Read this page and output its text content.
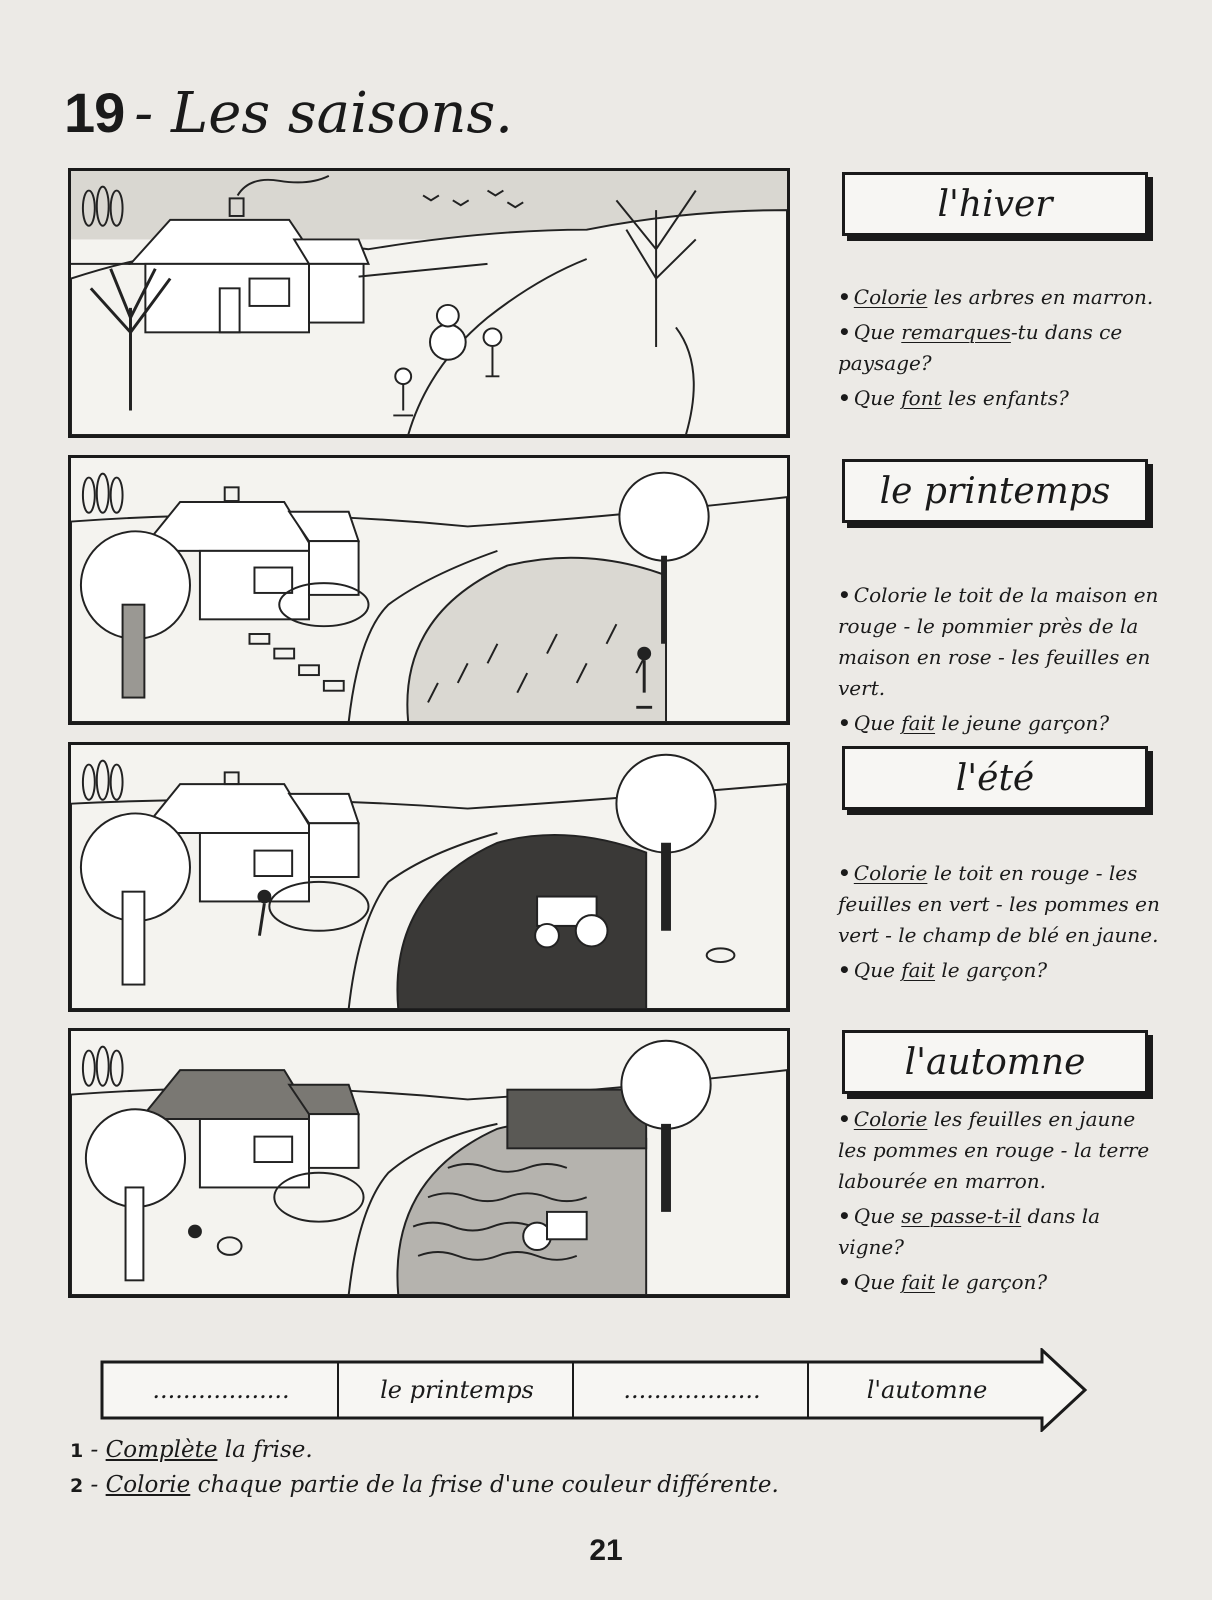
19 - Les saisons.
l'hiver

• Colorie les arbres en marron.

• Que remarques-tu dans ce paysage?

• Que font les enfants?

le printemps

• Colorie le toit de la maison en rouge - le pommier près de la maison en rose - les feuilles en vert.

• Que fait le jeune garçon?

l'été

• Colorie le toit en rouge - les feuilles en vert - les pommes en vert - le champ de blé en jaune.

• Que fait le garçon?

l'automne

• Colorie les feuilles en jaune les pommes en rouge - la terre labourée en marron.

• Que se passe-t-il dans la vigne?

• Que fait le garçon?

..................	le printemps	..................	l'automne
1 - Complète la frise.
2 - Colorie chaque partie de la frise d'une couleur différente.
21
